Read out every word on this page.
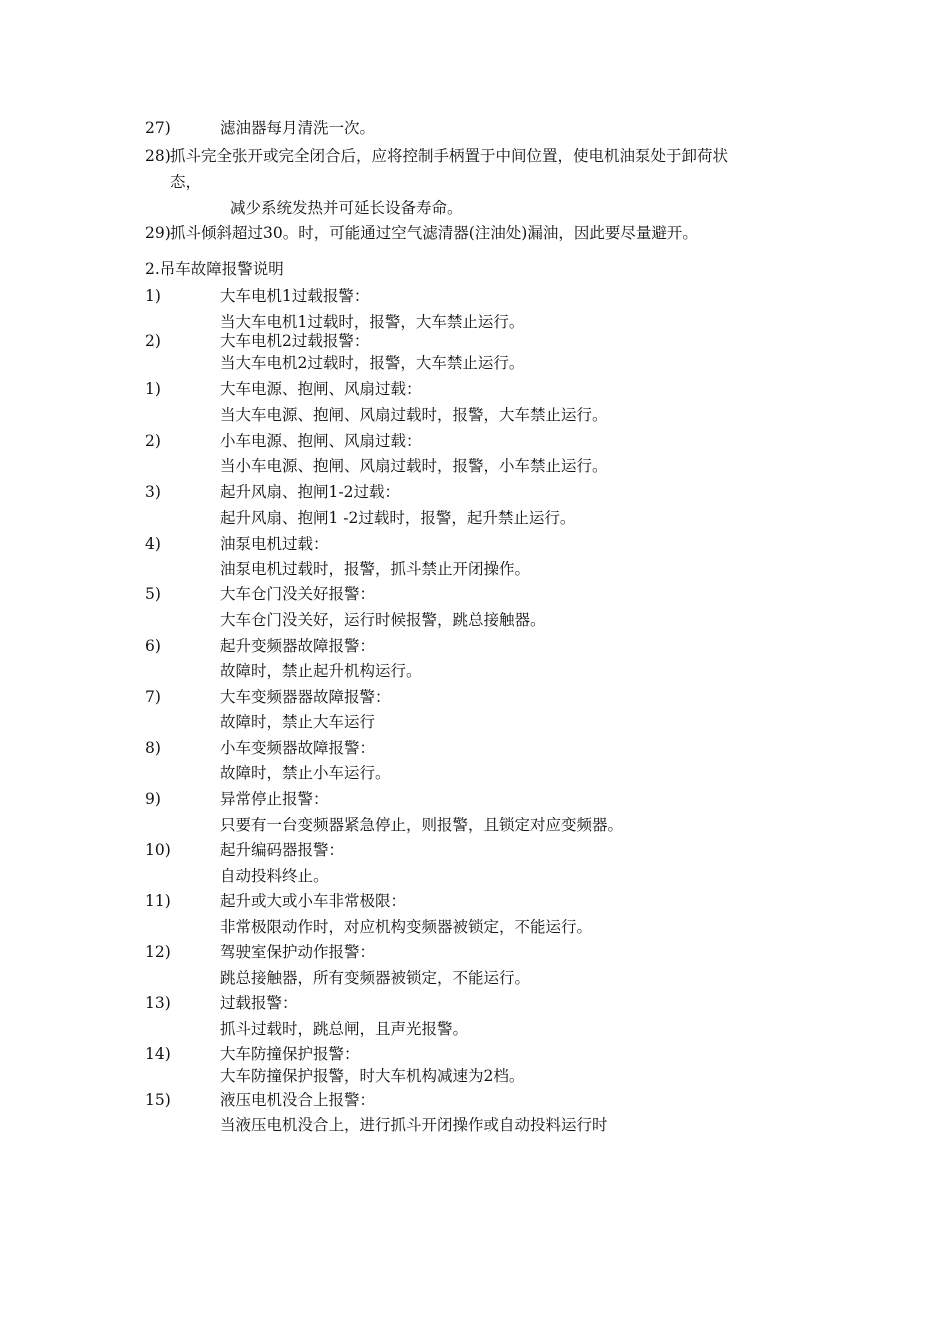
27)	滤油器每月清洗一次。
28) 抓斗完全张开或完全闭合后，应将控制手柄置于中间位置，使电机油泵处于卸荷状
态，
减少系统发热并可延长设备寿命。
29) 抓斗倾斜超过30。时，可能通过空气滤清器(注油处)漏油，因此要尽量避开。
2.吊车故障报警说明
1)	大车电机1过载报警：
当大车电机1过载时，报警，大车禁止运行。
2)	大车电机2过载报警：
当大车电机2过载时，报警，大车禁止运行。
1)	大车电源、抱闸、风扇过载：
当大车电源、抱闸、风扇过载时，报警，大车禁止运行。
2)	小车电源、抱闸、风扇过载：
当小车电源、抱闸、风扇过载时，报警，小车禁止运行。
3)	起升风扇、抱闸1-2过载：
起升风扇、抱闸1 -2过载时，报警，起升禁止运行。
4)	油泵电机过载：
油泵电机过载时，报警，抓斗禁止开闭操作。
5)	大车仓门没关好报警：
大车仓门没关好，运行时候报警，跳总接触器。
6)	起升变频器故障报警：
故障时，禁止起升机构运行。
7)	大车变频器器故障报警：
故障时，禁止大车运行
8)	小车变频器故障报警：
故障时，禁止小车运行。
9)	异常停止报警：
只要有一台变频器紧急停止，则报警，且锁定对应变频器。
10)	起升编码器报警：
自动投料终止。
11)	起升或大或小车非常极限：
非常极限动作时，对应机构变频器被锁定，不能运行。
12)	驾驶室保护动作报警：
跳总接触器，所有变频器被锁定，不能运行。
13)	过载报警：
抓斗过载时，跳总闸，且声光报警。
14)	大车防撞保护报警：
大车防撞保护报警，时大车机构减速为2档。
15)	液压电机没合上报警：
当液压电机没合上，进行抓斗开闭操作或自动投料运行时
